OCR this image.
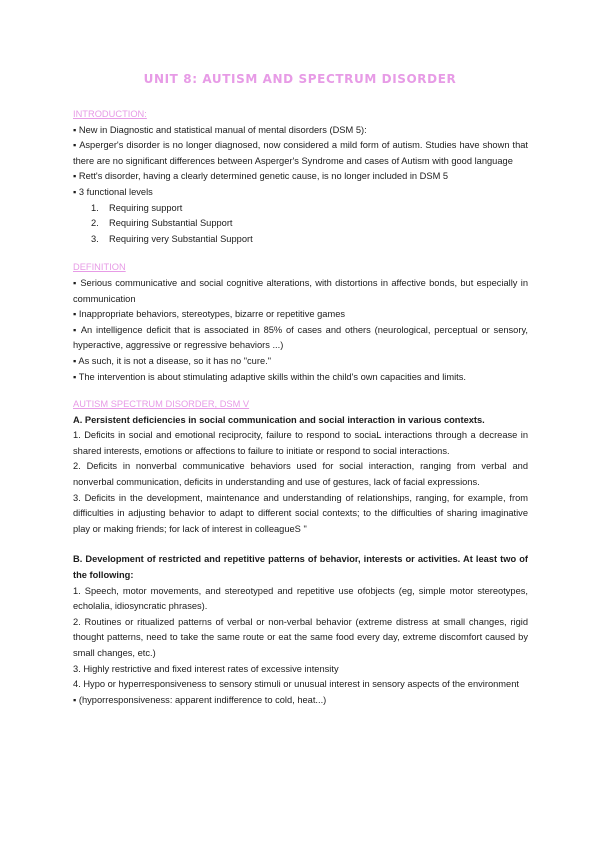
UNIT 8: AUTISM AND SPECTRUM DISORDER

INTRODUCTION:

▪ New in Diagnostic and statistical manual of mental disorders (DSM 5):

▪ Asperger's disorder is no longer diagnosed, now considered a mild form of autism. Studies have shown that there are no significant differences between Asperger's Syndrome and cases of Autism with good language

▪ Rett's disorder, having a clearly determined genetic cause, is no longer included in DSM 5

▪ 3 functional levels

1. Requiring support
2. Requiring Substantial Support
3. Requiring very Substantial Support

DEFINITION

▪ Serious communicative and social cognitive alterations, with distortions in affective bonds, but especially in communication

▪ Inappropriate behaviors, stereotypes, bizarre or repetitive games

▪ An intelligence deficit that is associated in 85% of cases and others (neurological, perceptual or sensory, hyperactive, aggressive or regressive behaviors ...)

▪ As such, it is not a disease, so it has no "cure."

▪ The intervention is about stimulating adaptive skills within the child's own capacities and limits.

AUTISM SPECTRUM DISORDER, DSM V

A. Persistent deficiencies in social communication and social interaction in various contexts.

1. Deficits in social and emotional reciprocity, failure to respond to sociaL interactions through a decrease in shared interests, emotions or affections to failure to initiate or respond to social interactions.

2. Deficits in nonverbal communicative behaviors used for social interaction, ranging from verbal and nonverbal communication, deficits in understanding and use of gestures, lack of facial expressions.

3. Deficits in the development, maintenance and understanding of relationships, ranging, for example, from difficulties in adjusting behavior to adapt to different social contexts; to the difficulties of sharing imaginative play or making friends; for lack of interest in colleagueS "

B. Development of restricted and repetitive patterns of behavior, interests or activities. At least two of the following:

1. Speech, motor movements, and stereotyped and repetitive use ofobjects (eg, simple motor stereotypes, echolalia, idiosyncratic phrases).

2. Routines or ritualized patterns of verbal or non-verbal behavior (extreme distress at small changes, rigid thought patterns, need to take the same route or eat the same food every day, extreme discomfort caused by small changes, etc.)

3. Highly restrictive and fixed interest rates of excessive intensity

4. Hypo or hyperresponsiveness to sensory stimuli or unusual interest in sensory aspects of the environment

▪ (hyporresponsiveness: apparent indifference to cold, heat...)
